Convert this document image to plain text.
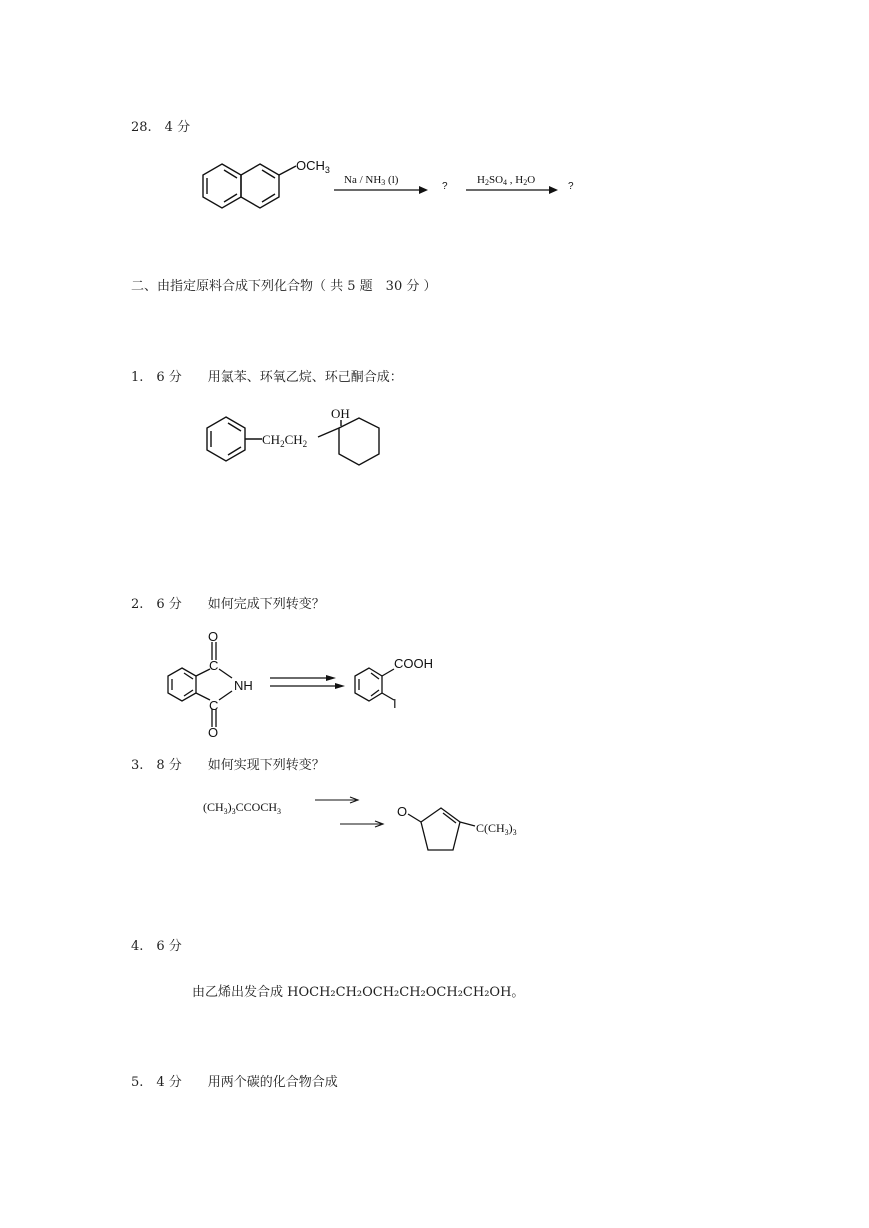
28.　4 分
$OCH_3$
Na / NH3 (l)
?
H2SO4 , H2O
?
二、由指定原料合成下列化合物（ 共 5 题　30 分 ）
1.　6 分　　用氯苯、环氧乙烷、环己酮合成：
$CH_2CH_2$
OH
2.　6 分　　如何完成下列转变？
O
C
NH
C
O
COOH
I
3.　8 分　　如何实现下列转变？
$(CH_3)_3CCOCH_3$	O
$C(CH_3)_3$
4.　6 分
由乙烯出发合成 HOCH₂CH₂OCH₂CH₂OCH₂CH₂OH。
5.　4 分　　用两个碳的化合物合成
